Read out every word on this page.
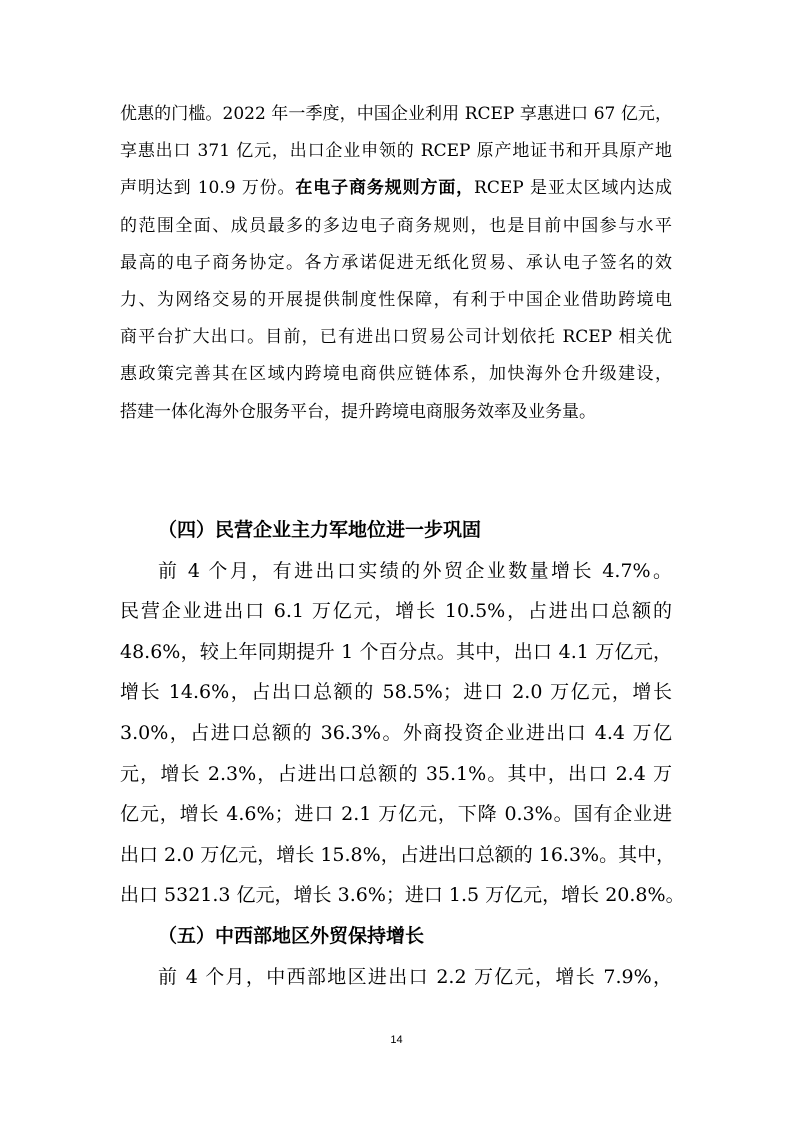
优惠的门槛。2022 年一季度，中国企业利用 RCEP 享惠进口 67 亿元，
享惠出口 371 亿元，出口企业申领的 RCEP 原产地证书和开具原产地
声明达到 10.9 万份。在电子商务规则方面，RCEP 是亚太区域内达成
的范围全面、成员最多的多边电子商务规则，也是目前中国参与水平
最高的电子商务协定。各方承诺促进无纸化贸易、承认电子签名的效
力、为网络交易的开展提供制度性保障，有利于中国企业借助跨境电
商平台扩大出口。目前，已有进出口贸易公司计划依托 RCEP 相关优
惠政策完善其在区域内跨境电商供应链体系，加快海外仓升级建设，
搭建一体化海外仓服务平台，提升跨境电商服务效率及业务量。
（四）民营企业主力军地位进一步巩固
前 4 个月，有进出口实绩的外贸企业数量增长 4.7%。
民营企业进出口 6.1 万亿元，增长 10.5%，占进出口总额的
48.6%，较上年同期提升 1 个百分点。其中，出口 4.1 万亿元，
增长 14.6%，占出口总额的 58.5%；进口 2.0 万亿元，增长
3.0%，占进口总额的 36.3%。外商投资企业进出口 4.4 万亿
元，增长 2.3%，占进出口总额的 35.1%。其中，出口 2.4 万
亿元，增长 4.6%；进口 2.1 万亿元，下降 0.3%。国有企业进
出口 2.0 万亿元，增长 15.8%，占进出口总额的 16.3%。其中，
出口 5321.3 亿元，增长 3.6%；进口 1.5 万亿元，增长 20.8%。
（五）中西部地区外贸保持增长
前 4 个月，中西部地区进出口 2.2 万亿元，增长 7.9%，
14
